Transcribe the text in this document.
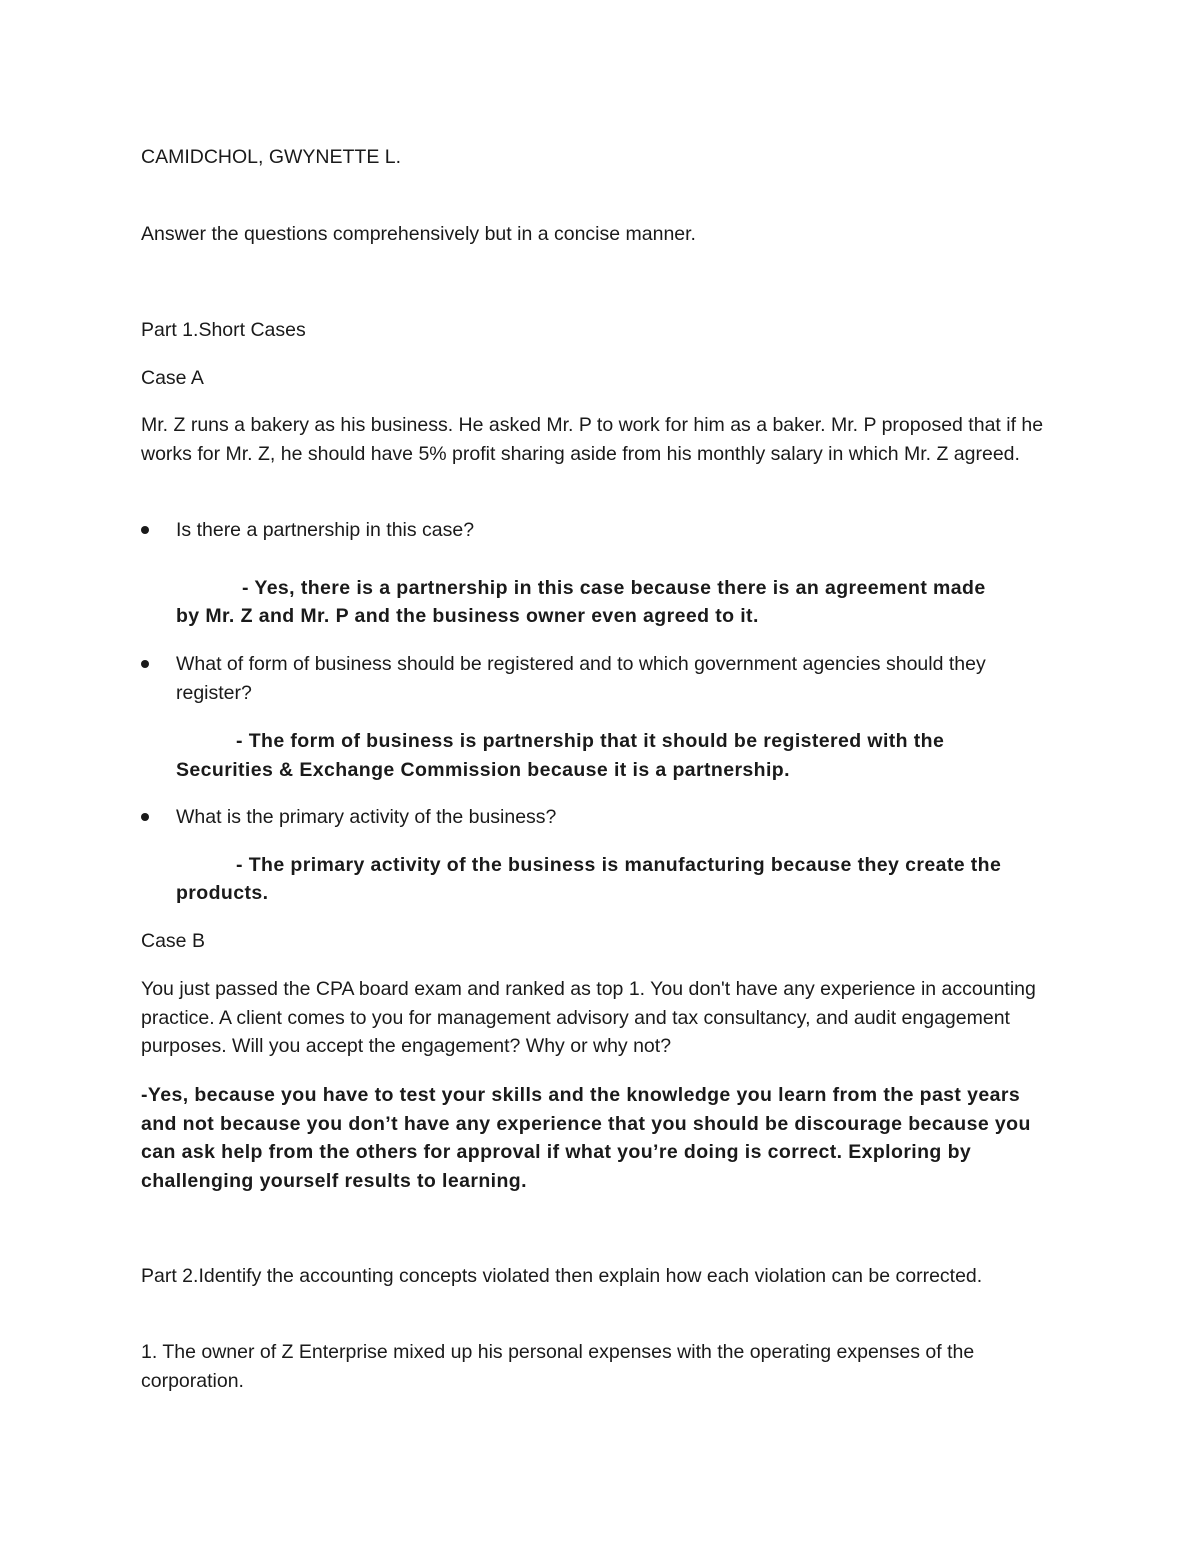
CAMIDCHOL, GWYNETTE L.
Answer the questions comprehensively but in a concise manner.
Part 1.Short Cases
Case A
Mr. Z runs a bakery as his business. He asked Mr. P to work for him as a baker. Mr. P proposed that if he works for Mr. Z, he should have 5% profit sharing aside from his monthly salary in which Mr. Z agreed.
Is there a partnership in this case?
- Yes, there is a partnership in this case because there is an agreement made
by Mr. Z and Mr. P and the business owner even agreed to it.
What of form of business should be registered and to which government agencies should they register?
- The form of business is partnership that it should be registered with the
Securities & Exchange Commission because it is a partnership.
What is the primary activity of the business?
- The primary activity of the business is manufacturing because they create the
products.
Case B
You just passed the CPA board exam and ranked as top 1. You don't have any experience in accounting practice. A client comes to you for management advisory and tax consultancy, and audit engagement purposes. Will you accept the engagement? Why or why not?
-Yes, because you have to test your skills and the knowledge you learn from the past years and not because you don’t have any experience that you should be discourage because you can ask help from the others for approval if what you’re doing is correct. Exploring by challenging yourself results to learning.
Part 2.Identify the accounting concepts violated then explain how each violation can be corrected.
1. The owner of Z Enterprise mixed up his personal expenses with the operating expenses of the corporation.
